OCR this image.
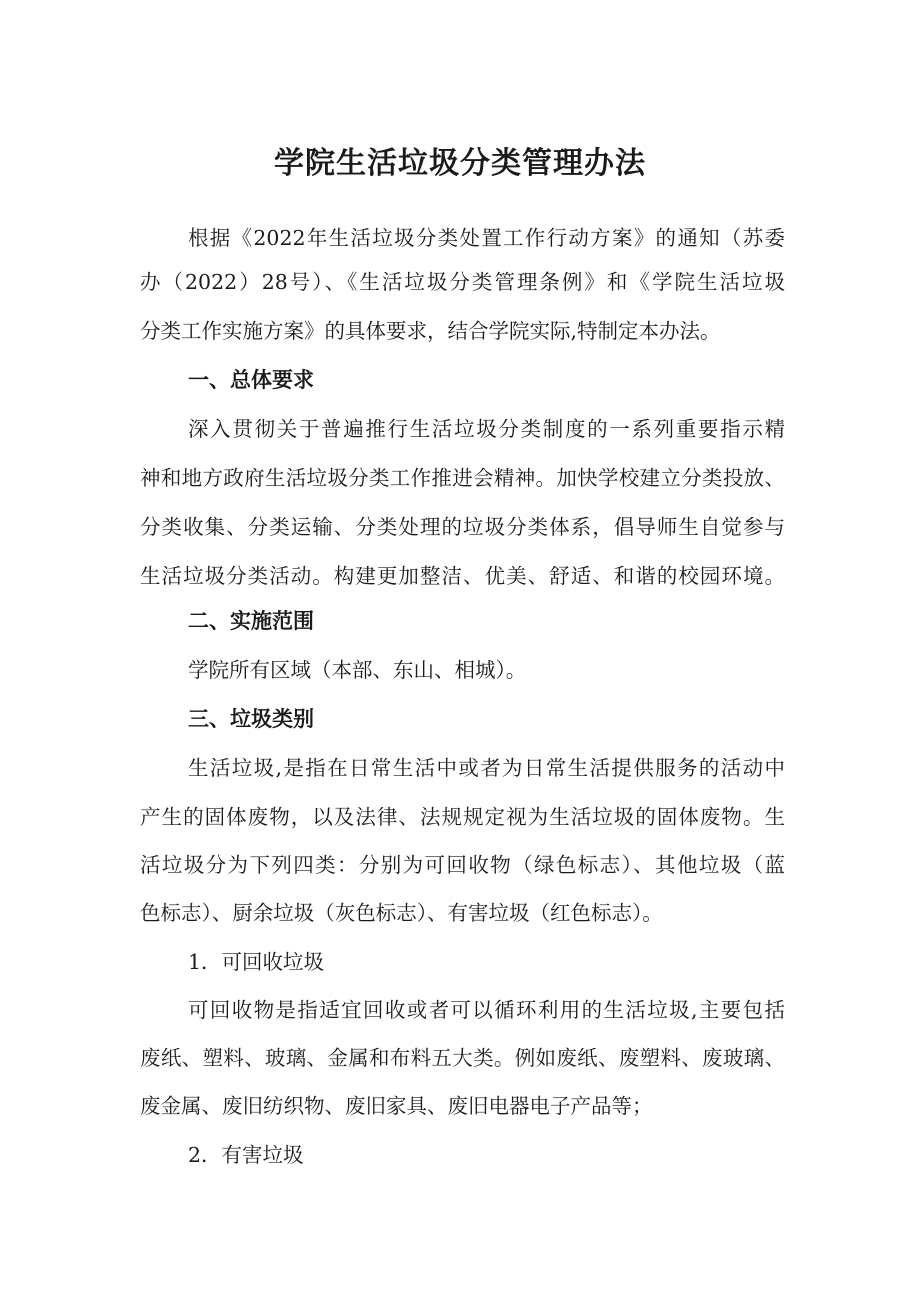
学院生活垃圾分类管理办法

根据《2022年生活垃圾分类处置工作行动方案》的通知（苏委

办（2022）28号）、《生活垃圾分类管理条例》和《学院生活垃圾

分类工作实施方案》的具体要求，结合学院实际,特制定本办法。

一、总体要求

深入贯彻关于普遍推行生活垃圾分类制度的一系列重要指示精

神和地方政府生活垃圾分类工作推进会精神。加快学校建立分类投放、

分类收集、分类运输、分类处理的垃圾分类体系，倡导师生自觉参与

生活垃圾分类活动。构建更加整洁、优美、舒适、和谐的校园环境。

二、实施范围

学院所有区域（本部、东山、相城）。

三、垃圾类别

生活垃圾,是指在日常生活中或者为日常生活提供服务的活动中

产生的固体废物，以及法律、法规规定视为生活垃圾的固体废物。生

活垃圾分为下列四类：分别为可回收物（绿色标志）、其他垃圾（蓝

色标志）、厨余垃圾（灰色标志）、有害垃圾（红色标志）。

1．可回收垃圾

可回收物是指适宜回收或者可以循环利用的生活垃圾,主要包括

废纸、塑料、玻璃、金属和布料五大类。例如废纸、废塑料、废玻璃、

废金属、废旧纺织物、废旧家具、废旧电器电子产品等；

2．有害垃圾
